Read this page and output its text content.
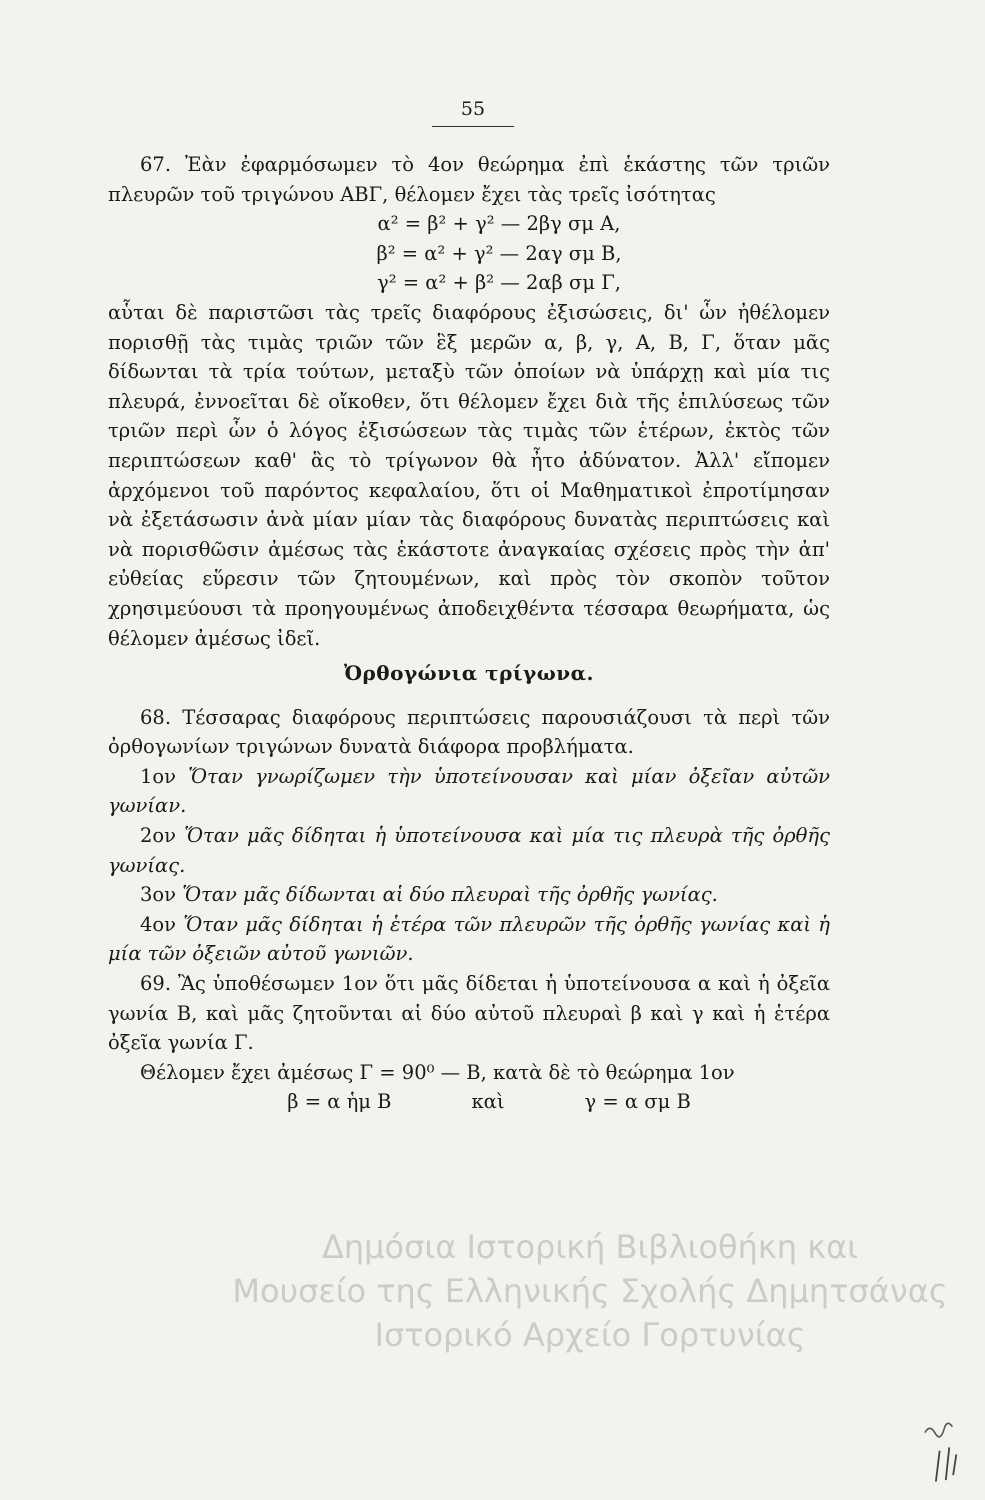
55

67. Ἐὰν ἐφαρμόσωμεν τὸ 4ον θεώρημα ἐπὶ ἑκάστης τῶν τριῶν πλευρῶν τοῦ τριγώνου ΑΒΓ, θέλομεν ἔχει τὰς τρεῖς ἰσότητας

α² = β² + γ² — 2βγ σμ Α,

β² = α² + γ² — 2αγ σμ Β,

γ² = α² + β² — 2αβ σμ Γ,

αὗται δὲ παριστῶσι τὰς τρεῖς διαφόρους ἐξισώσεις, δι' ὧν ἠθέλομεν πορισθῇ τὰς τιμὰς τριῶν τῶν ἓξ μερῶν α, β, γ, Α, Β, Γ, ὅταν μᾶς δίδωνται τὰ τρία τούτων, μεταξὺ τῶν ὁποίων νὰ ὑπάρχῃ καὶ μία τις πλευρά, ἐννοεῖται δὲ οἴκοθεν, ὅτι θέλομεν ἔχει διὰ τῆς ἐπιλύσεως τῶν τριῶν περὶ ὧν ὁ λόγος ἐξισώσεων τὰς τιμὰς τῶν ἑτέρων, ἐκτὸς τῶν περιπτώσεων καθ' ἃς τὸ τρίγωνον θὰ ἦτο ἀδύνατον. Ἀλλ' εἴπομεν ἀρχόμενοι τοῦ παρόντος κεφαλαίου, ὅτι οἱ Μαθηματικοὶ ἐπροτίμησαν νὰ ἐξετάσωσιν ἀνὰ μίαν μίαν τὰς διαφόρους δυνατὰς περιπτώσεις καὶ νὰ πορισθῶσιν ἀμέσως τὰς ἑκάστοτε ἀναγκαίας σχέσεις πρὸς τὴν ἀπ' εὐθείας εὕρεσιν τῶν ζητουμένων, καὶ πρὸς τὸν σκοπὸν τοῦτον χρησιμεύουσι τὰ προηγουμένως ἀποδειχθέντα τέσσαρα θεωρήματα, ὡς θέλομεν ἀμέσως ἰδεῖ.

Ὀρθογώνια τρίγωνα.

68. Τέσσαρας διαφόρους περιπτώσεις παρουσιάζουσι τὰ περὶ τῶν ὀρθογωνίων τριγώνων δυνατὰ διάφορα προβλήματα.

1ον Ὅταν γνωρίζωμεν τὴν ὑποτείνουσαν καὶ μίαν ὀξεῖαν αὐτῶν γωνίαν.

2ον Ὅταν μᾶς δίδηται ἡ ὑποτείνουσα καὶ μία τις πλευρὰ τῆς ὀρθῆς γωνίας.

3ον Ὅταν μᾶς δίδωνται αἱ δύο πλευραὶ τῆς ὀρθῆς γωνίας.

4ον Ὅταν μᾶς δίδηται ἡ ἑτέρα τῶν πλευρῶν τῆς ὀρθῆς γωνίας καὶ ἡ μία τῶν ὀξειῶν αὐτοῦ γωνιῶν.

69. Ἂς ὑποθέσωμεν 1ον ὅτι μᾶς δίδεται ἡ ὑποτείνουσα α καὶ ἡ ὀξεῖα γωνία Β, καὶ μᾶς ζητοῦνται αἱ δύο αὐτοῦ πλευραὶ β καὶ γ καὶ ἡ ἑτέρα ὀξεῖα γωνία Γ.

Θέλομεν ἔχει ἀμέσως Γ = 90⁰ — Β, κατὰ δὲ τὸ θεώρημα 1ον

β = α ἡμ Β	καὶ	γ = α σμ Β
Δημόσια Ιστορική Βιβλιοθήκη και
Μουσείο της Ελληνικής Σχολής Δημητσάνας
Ιστορικό Αρχείο Γορτυνίας
